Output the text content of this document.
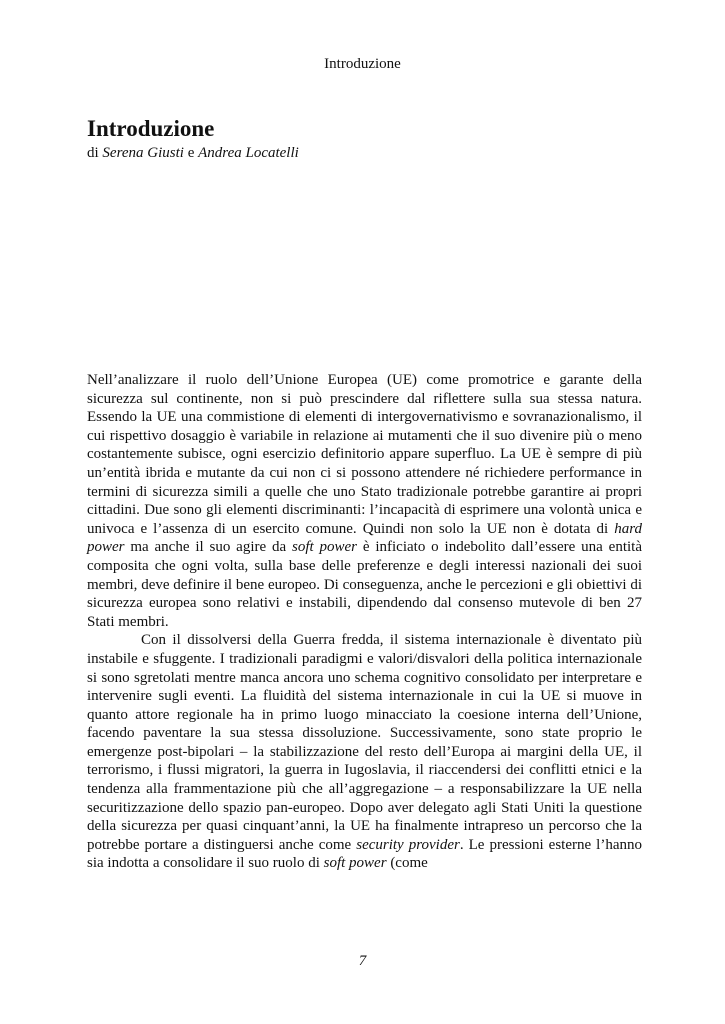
Introduzione
Introduzione
di Serena Giusti e Andrea Locatelli

Nell’analizzare il ruolo dell’Unione Europea (UE) come promotrice e garante della sicurezza sul continente, non si può prescindere dal riflettere sulla sua stessa natura. Essendo la UE una commistione di elementi di intergovernativismo e sovranazionalismo, il cui rispettivo dosaggio è variabile in relazione ai mutamenti che il suo divenire più o meno costantemente subisce, ogni esercizio definitorio appare superfluo. La UE è sempre di più un’entità ibrida e mutante da cui non ci si possono attendere né richiedere performance in termini di sicurezza simili a quelle che uno Stato tradizionale potrebbe garantire ai propri cittadini. Due sono gli elementi discriminanti: l’incapacità di esprimere una volontà unica e univoca e l’assenza di un esercito comune. Quindi non solo la UE non è dotata di hard power ma anche il suo agire da soft power è inficiato o indebolito dall’essere una entità composita che ogni volta, sulla base delle preferenze e degli interessi nazionali dei suoi membri, deve definire il bene europeo. Di conseguenza, anche le percezioni e gli obiettivi di sicurezza europea sono relativi e instabili, dipendendo dal consenso mutevole di ben 27 Stati membri.

Con il dissolversi della Guerra fredda, il sistema internazionale è diventato più instabile e sfuggente. I tradizionali paradigmi e valori/disvalori della politica internazionale si sono sgretolati mentre manca ancora uno schema cognitivo consolidato per interpretare e intervenire sugli eventi. La fluidità del sistema internazionale in cui la UE si muove in quanto attore regionale ha in primo luogo minacciato la coesione interna dell’Unione, facendo paventare la sua stessa dissoluzione. Successivamente, sono state proprio le emergenze post-bipolari – la stabilizzazione del resto dell’Europa ai margini della UE, il terrorismo, i flussi migratori, la guerra in Iugoslavia, il riaccendersi dei conflitti etnici e la tendenza alla frammentazione più che all’aggregazione – a responsabilizzare la UE nella securitizzazione dello spazio pan-europeo. Dopo aver delegato agli Stati Uniti la questione della sicurezza per quasi cinquant’anni, la UE ha finalmente intrapreso un percorso che la potrebbe portare a distinguersi anche come security provider. Le pressioni esterne l’hanno sia indotta a consolidare il suo ruolo di soft power (come

7
